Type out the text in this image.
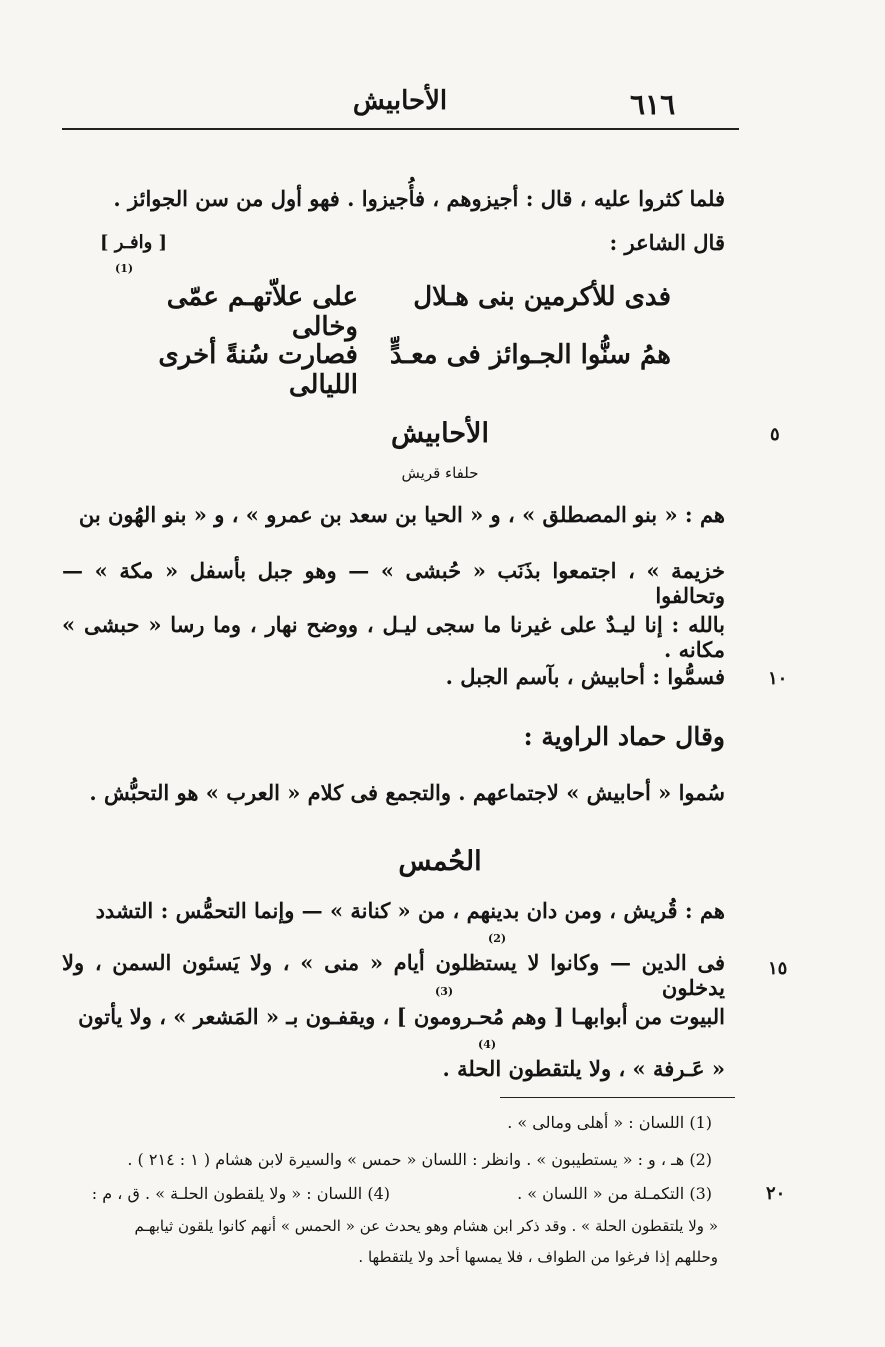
٦١٦
الأحابيش
فلما كثروا عليه ، قال : أجيزوهم ، فأُجيزوا . فهو أول من سن الجوائز .
قال الشاعر :
[ وافـر ]
(1)
فدى للأكرمين بنى هـلال
على علاّتهـم عمّى وخالى
همُ سنُّوا الجـوائز فى معـدٍّ
فصارت سُنةً أخرى الليالى
الأحابيش	٥
حلفاء قريش
هم : « بنو المصطلق » ، و « الحيا بن سعد بن عمرو » ، و « بنو الهُون بن
خزيمة » ، اجتمعوا بذَنَب « حُبشى » — وهو جبل بأسفل « مكة » — وتحالفوا
بالله : إنا ليـدٌ على غيرنا ما سجى ليـل ، ووضح نهار ، وما رسا « حبشى » مكانه .
فسمُّوا : أحابيش ، بآسم الجبل . ١٠
وقال حماد الراوية :
سُموا « أحابيش » لاجتماعهم . والتجمع فى كلام « العرب » هو التحبُّش .
الحُمس
هم : قُريش ، ومن دان بدينهم ، من « كنانة » — وإنما التحمُّس : التشدد
(2)
فى الدين — وكانوا لا يستظلون أيام « منى » ، ولا يَسئون السمن ، ولا يدخلون
١٥
(3)
البيوت من أبوابهـا [ وهم مُحـرومون ] ، ويقفـون بـ « المَشعر » ، ولا يأتون
(4)
« عَـرفة » ، ولا يلتقطون الحلة .
(1) اللسان : « أهلى ومالى » .
(2) هـ ، و : « يستطيبون » . وانظر : اللسان « حمس » والسيرة لابن هشام ( ١ : ٢١٤ ) .
(3) التكمـلة من « اللسان » .
(4) اللسان : « ولا يلقطون الحلـة » . ق ، م :	٢٠
« ولا يلتقطون الحلة » . وقد ذكر ابن هشام وهو يحدث عن « الحمس » أنهم كانوا يلقون ثيابهـم
وحللهم إذا فرغوا من الطواف ، فلا يمسها أحد ولا يلتقطها .
